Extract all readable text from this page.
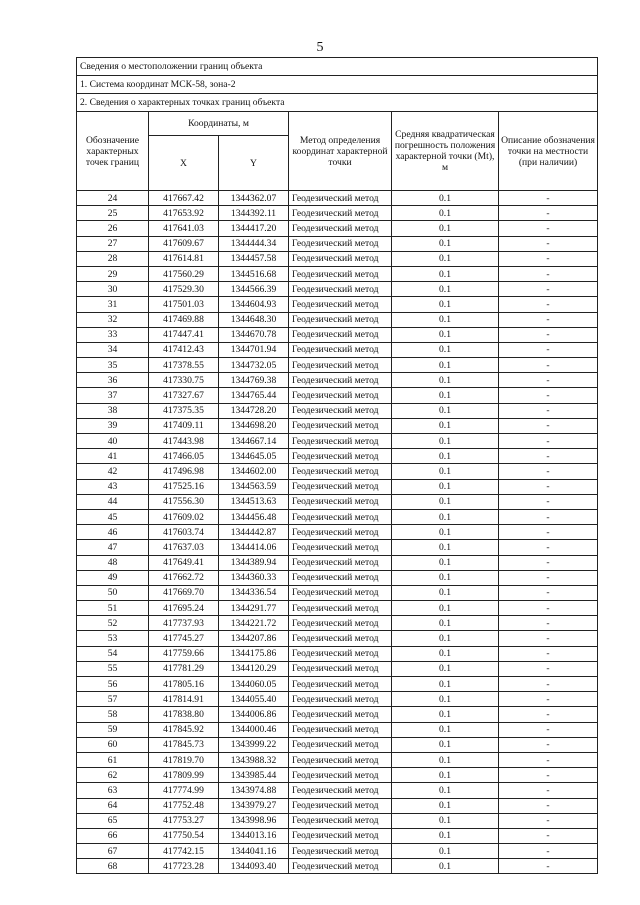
5
Сведения о местоположении границ объекта					
1. Система координат МСК-58, зона-2					
2. Сведения о характерных точках границ объекта					
Обозначение характерных точек границ	Координаты, м		Метод определения координат характерной точки	Средняя квадратическая погрешность положения характерной точки (Mt), м	Описание обозначения точки на местности (при наличии)
	X	Y			
24	417667.42	1344362.07	Геодезический метод	0.1	-
25	417653.92	1344392.11	Геодезический метод	0.1	-
26	417641.03	1344417.20	Геодезический метод	0.1	-
27	417609.67	1344444.34	Геодезический метод	0.1	-
28	417614.81	1344457.58	Геодезический метод	0.1	-
29	417560.29	1344516.68	Геодезический метод	0.1	-
30	417529.30	1344566.39	Геодезический метод	0.1	-
31	417501.03	1344604.93	Геодезический метод	0.1	-
32	417469.88	1344648.30	Геодезический метод	0.1	-
33	417447.41	1344670.78	Геодезический метод	0.1	-
34	417412.43	1344701.94	Геодезический метод	0.1	-
35	417378.55	1344732.05	Геодезический метод	0.1	-
36	417330.75	1344769.38	Геодезический метод	0.1	-
37	417327.67	1344765.44	Геодезический метод	0.1	-
38	417375.35	1344728.20	Геодезический метод	0.1	-
39	417409.11	1344698.20	Геодезический метод	0.1	-
40	417443.98	1344667.14	Геодезический метод	0.1	-
41	417466.05	1344645.05	Геодезический метод	0.1	-
42	417496.98	1344602.00	Геодезический метод	0.1	-
43	417525.16	1344563.59	Геодезический метод	0.1	-
44	417556.30	1344513.63	Геодезический метод	0.1	-
45	417609.02	1344456.48	Геодезический метод	0.1	-
46	417603.74	1344442.87	Геодезический метод	0.1	-
47	417637.03	1344414.06	Геодезический метод	0.1	-
48	417649.41	1344389.94	Геодезический метод	0.1	-
49	417662.72	1344360.33	Геодезический метод	0.1	-
50	417669.70	1344336.54	Геодезический метод	0.1	-
51	417695.24	1344291.77	Геодезический метод	0.1	-
52	417737.93	1344221.72	Геодезический метод	0.1	-
53	417745.27	1344207.86	Геодезический метод	0.1	-
54	417759.66	1344175.86	Геодезический метод	0.1	-
55	417781.29	1344120.29	Геодезический метод	0.1	-
56	417805.16	1344060.05	Геодезический метод	0.1	-
57	417814.91	1344055.40	Геодезический метод	0.1	-
58	417838.80	1344006.86	Геодезический метод	0.1	-
59	417845.92	1344000.46	Геодезический метод	0.1	-
60	417845.73	1343999.22	Геодезический метод	0.1	-
61	417819.70	1343988.32	Геодезический метод	0.1	-
62	417809.99	1343985.44	Геодезический метод	0.1	-
63	417774.99	1343974.88	Геодезический метод	0.1	-
64	417752.48	1343979.27	Геодезический метод	0.1	-
65	417753.27	1343998.96	Геодезический метод	0.1	-
66	417750.54	1344013.16	Геодезический метод	0.1	-
67	417742.15	1344041.16	Геодезический метод	0.1	-
68	417723.28	1344093.40	Геодезический метод	0.1	-
